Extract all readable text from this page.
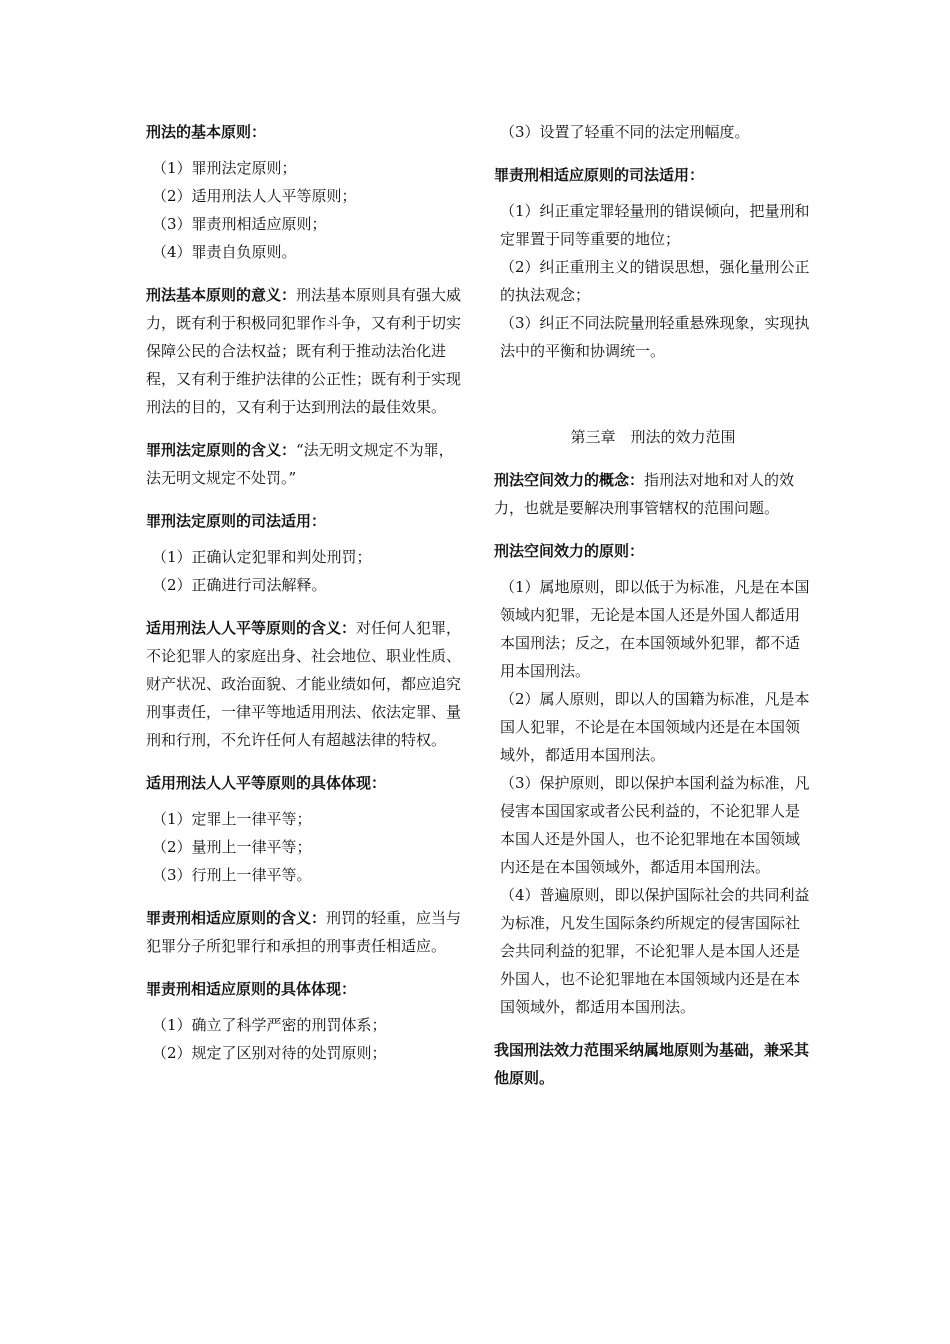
刑法的基本原则：

（1）罪刑法定原则；

（2）适用刑法人人平等原则；

（3）罪责刑相适应原则；

（4）罪责自负原则。

刑法基本原则的意义：刑法基本原则具有强大威力，既有利于积极同犯罪作斗争，又有利于切实保障公民的合法权益；既有利于推动法治化进程，又有利于维护法律的公正性；既有利于实现刑法的目的，又有利于达到刑法的最佳效果。

罪刑法定原则的含义：“法无明文规定不为罪，法无明文规定不处罚。”

罪刑法定原则的司法适用：

（1）正确认定犯罪和判处刑罚；

（2）正确进行司法解释。

适用刑法人人平等原则的含义：对任何人犯罪，不论犯罪人的家庭出身、社会地位、职业性质、财产状况、政治面貌、才能业绩如何，都应追究刑事责任，一律平等地适用刑法、依法定罪、量刑和行刑，不允许任何人有超越法律的特权。

适用刑法人人平等原则的具体体现：

（1）定罪上一律平等；

（2）量刑上一律平等；

（3）行刑上一律平等。

罪责刑相适应原则的含义：刑罚的轻重，应当与犯罪分子所犯罪行和承担的刑事责任相适应。

罪责刑相适应原则的具体体现：

（1）确立了科学严密的刑罚体系；

（2）规定了区别对待的处罚原则；

（3）设置了轻重不同的法定刑幅度。

罪责刑相适应原则的司法适用：

（1）纠正重定罪轻量刑的错误倾向，把量刑和定罪置于同等重要的地位；

（2）纠正重刑主义的错误思想，强化量刑公正的执法观念；

（3）纠正不同法院量刑轻重悬殊现象，实现执法中的平衡和协调统一。

第三章　刑法的效力范围

刑法空间效力的概念：指刑法对地和对人的效力，也就是要解决刑事管辖权的范围问题。

刑法空间效力的原则：

（1）属地原则，即以低于为标准，凡是在本国领域内犯罪，无论是本国人还是外国人都适用本国刑法；反之，在本国领域外犯罪，都不适用本国刑法。

（2）属人原则，即以人的国籍为标准，凡是本国人犯罪，不论是在本国领域内还是在本国领域外，都适用本国刑法。

（3）保护原则，即以保护本国利益为标准，凡侵害本国国家或者公民利益的，不论犯罪人是本国人还是外国人，也不论犯罪地在本国领域内还是在本国领域外，都适用本国刑法。

（4）普遍原则，即以保护国际社会的共同利益为标准，凡发生国际条约所规定的侵害国际社会共同利益的犯罪，不论犯罪人是本国人还是外国人，也不论犯罪地在本国领域内还是在本国领域外，都适用本国刑法。

我国刑法效力范围采纳属地原则为基础，兼采其他原则。
